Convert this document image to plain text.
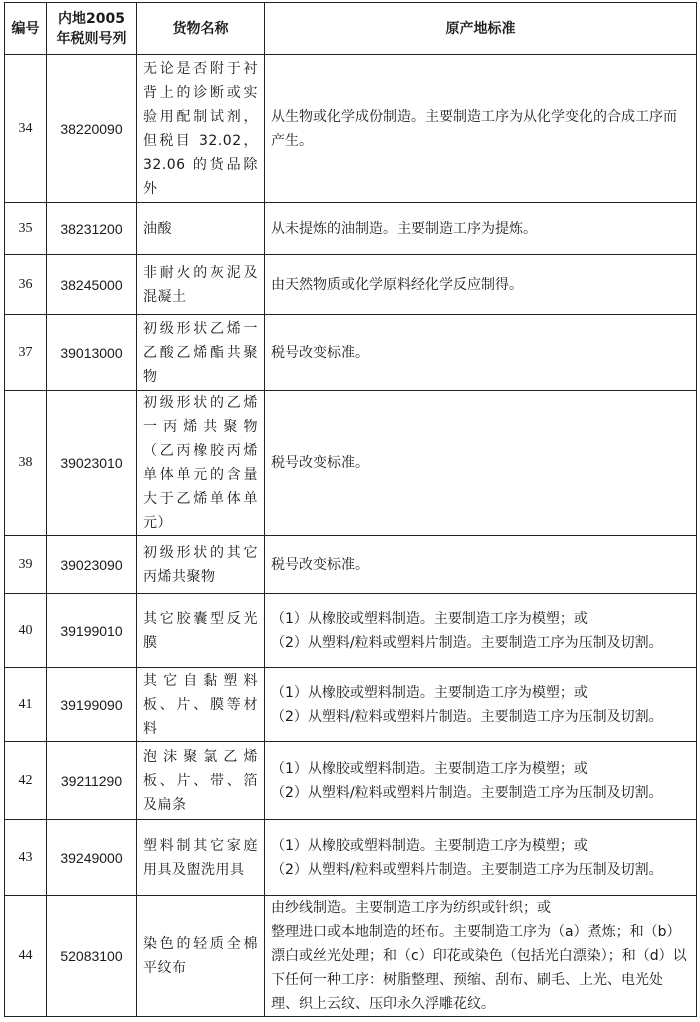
编号	内地2005年税则号列	货物名称	原产地标准
34	38220090	无论是否附于衬背上的诊断或实验用配制试剂，但税目 32.02，32.06 的货品除外	从生物或化学成份制造。主要制造工序为从化学变化的合成工序而产生。

35	38231200	油酸	从未提炼的油制造。主要制造工序为提炼。

36	38245000	非耐火的灰泥及混凝土	由天然物质或化学原料经化学反应制得。

37	39013000	初级形状乙烯一乙酸乙烯酯共聚物	税号改变标准。

38	39023010	初级形状的乙烯一丙烯共聚物（乙丙橡胶丙烯单体单元的含量大于乙烯单体单元）	税号改变标准。

39	39023090	初级形状的其它丙烯共聚物	税号改变标准。

40	39199010	其它胶囊型反光膜	（1）从橡胶或塑料制造。主要制造工序为模塑；或
（2）从塑料/粒料或塑料片制造。主要制造工序为压制及切割。

41	39199090	其它自黏塑料板、片、膜等材料	（1）从橡胶或塑料制造。主要制造工序为模塑；或
（2）从塑料/粒料或塑料片制造。主要制造工序为压制及切割。

42	39211290	泡沫聚氯乙烯板、片、带、箔及扁条	（1）从橡胶或塑料制造。主要制造工序为模塑；或
（2）从塑料/粒料或塑料片制造。主要制造工序为压制及切割。

43	39249000	塑料制其它家庭用具及盥洗用具	（1）从橡胶或塑料制造。主要制造工序为模塑；或
（2）从塑料/粒料或塑料片制造。主要制造工序为压制及切割。

44	52083100	染色的轻质全棉平纹布	由纱线制造。主要制造工序为纺织或针织；或
整理进口或本地制造的坯布。主要制造工序为（a）煮炼；和（b）漂白或丝光处理；和（c）印花或染色（包括光白漂染）；和（d）以下任何一种工序：树脂整理、预缩、刮布、刷毛、上光、电光处理、织上云纹、压印永久浮雕花纹。
